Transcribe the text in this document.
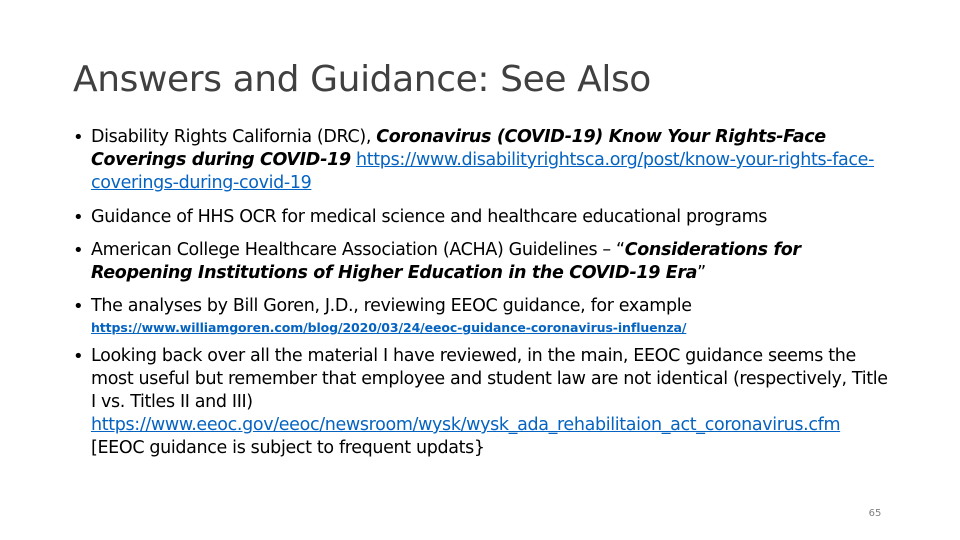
Answers and Guidance: See Also
• Disability Rights California (DRC), Coronavirus (COVID-19) Know Your Rights-Face Coverings during COVID-19 https://www.disabilityrightsca.org/post/know-your-rights-face-coverings-during-covid-19
• Guidance of HHS OCR for medical science and healthcare educational programs
• American College Healthcare Association (ACHA) Guidelines – “Considerations for Reopening Institutions of Higher Education in the COVID-19 Era”
• The analyses by Bill Goren, J.D., reviewing EEOC guidance, for example
https://www.williamgoren.com/blog/2020/03/24/eeoc-guidance-coronavirus-influenza/
• Looking back over all the material I have reviewed, in the main, EEOC guidance seems the most useful but remember that employee and student law are not identical (respectively, Title I vs. Titles II and III) https://www.eeoc.gov/eeoc/newsroom/wysk/wysk_ada_rehabilitaion_act_coronavirus.cfm [EEOC guidance is subject to frequent updats}
65
